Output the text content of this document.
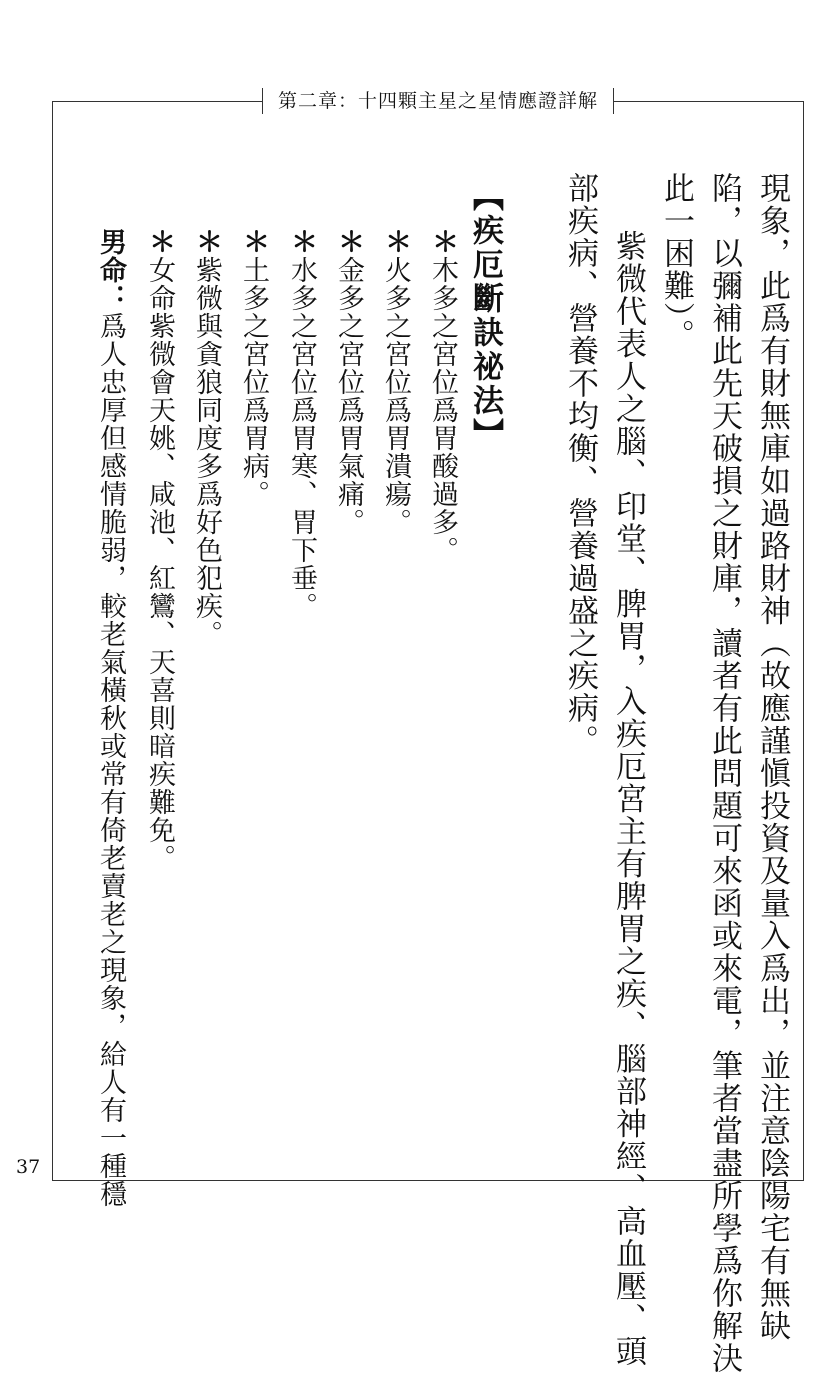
第二章：十四顆主星之星情應證詳解
現象，此爲有財無庫如過路財神（故應謹愼投資及量入爲出，並注意陰陽宅有無缺
陷，以彌補此先天破損之財庫，讀者有此問題可來函或來電，筆者當盡所學爲你解決
此一困難）。
紫微代表人之腦、印堂、脾胃，入疾厄宮主有脾胃之疾、腦部神經、高血壓、頭
部疾病、營養不均衡、營養過盛之疾病。
【疾厄斷訣祕法】
＊木多之宮位爲胃酸過多。
＊火多之宮位爲胃潰瘍。
＊金多之宮位爲胃氣痛。
＊水多之宮位爲胃寒、胃下垂。
＊土多之宮位爲胃病。
＊紫微與貪狼同度多爲好色犯疾。
＊女命紫微會天姚、咸池、紅鸞、天喜則暗疾難免。
男命：爲人忠厚但感情脆弱，較老氣橫秋或常有倚老賣老之現象，給人有一種穩
37
